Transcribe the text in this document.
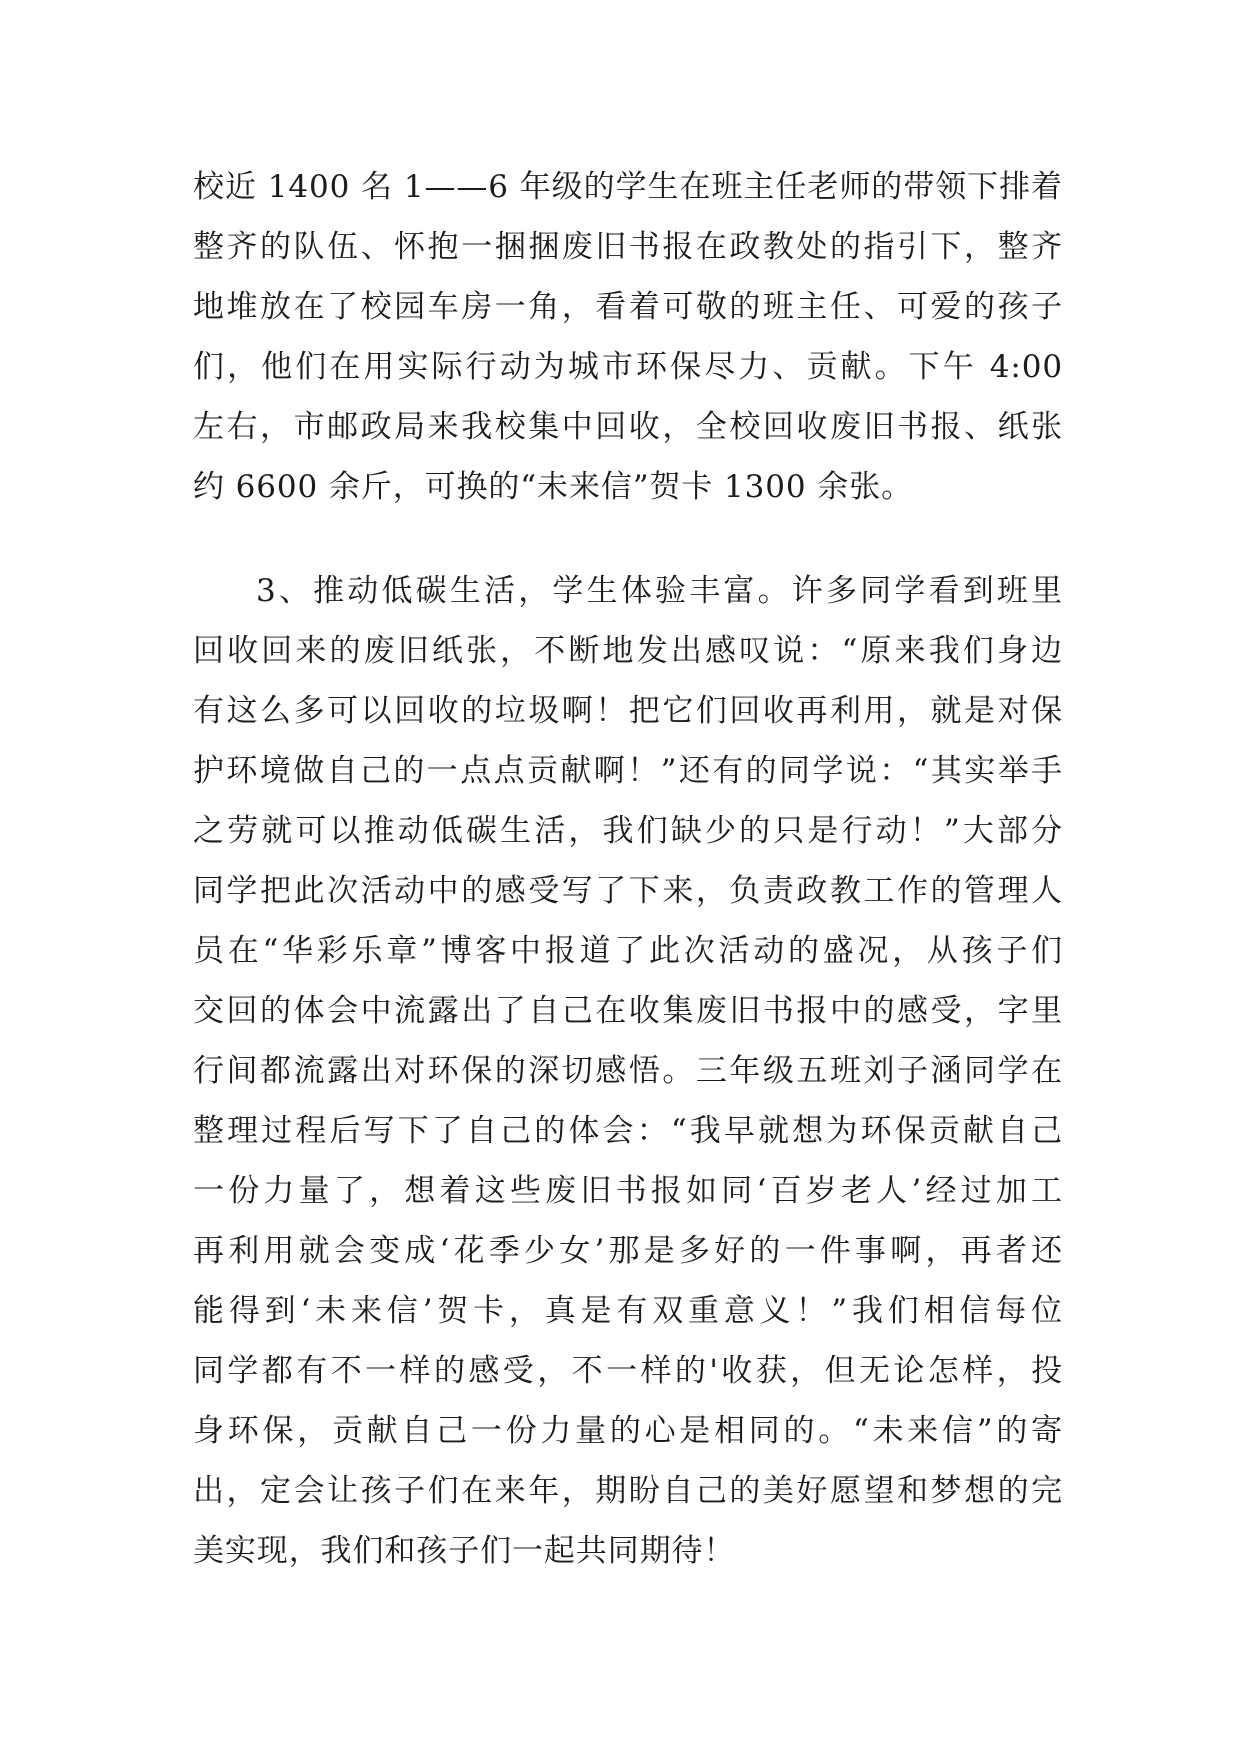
校近 1400 名 1——6 年级的学生在班主任老师的带领下排着

整齐的队伍、怀抱一捆捆废旧书报在政教处的指引下，整齐

地堆放在了校园车房一角，看着可敬的班主任、可爱的孩子

们，他们在用实际行动为城市环保尽力、贡献。下午 4:00

左右，市邮政局来我校集中回收，全校回收废旧书报、纸张

约 6600 余斤，可换的“未来信”贺卡 1300 余张。

3、推动低碳生活，学生体验丰富。许多同学看到班里

回收回来的废旧纸张，不断地发出感叹说：“原来我们身边

有这么多可以回收的垃圾啊！把它们回收再利用，就是对保

护环境做自己的一点点贡献啊！”还有的同学说：“其实举手

之劳就可以推动低碳生活，我们缺少的只是行动！”大部分

同学把此次活动中的感受写了下来，负责政教工作的管理人

员在“华彩乐章”博客中报道了此次活动的盛况，从孩子们

交回的体会中流露出了自己在收集废旧书报中的感受，字里

行间都流露出对环保的深切感悟。三年级五班刘子涵同学在

整理过程后写下了自己的体会：“我早就想为环保贡献自己

一份力量了，想着这些废旧书报如同‘百岁老人’经过加工

再利用就会变成‘花季少女’那是多好的一件事啊，再者还

能得到‘未来信’贺卡，真是有双重意义！”我们相信每位

同学都有不一样的感受，不一样的'收获，但无论怎样，投

身环保，贡献自己一份力量的心是相同的。“未来信”的寄

出，定会让孩子们在来年，期盼自己的美好愿望和梦想的完

美实现，我们和孩子们一起共同期待！
